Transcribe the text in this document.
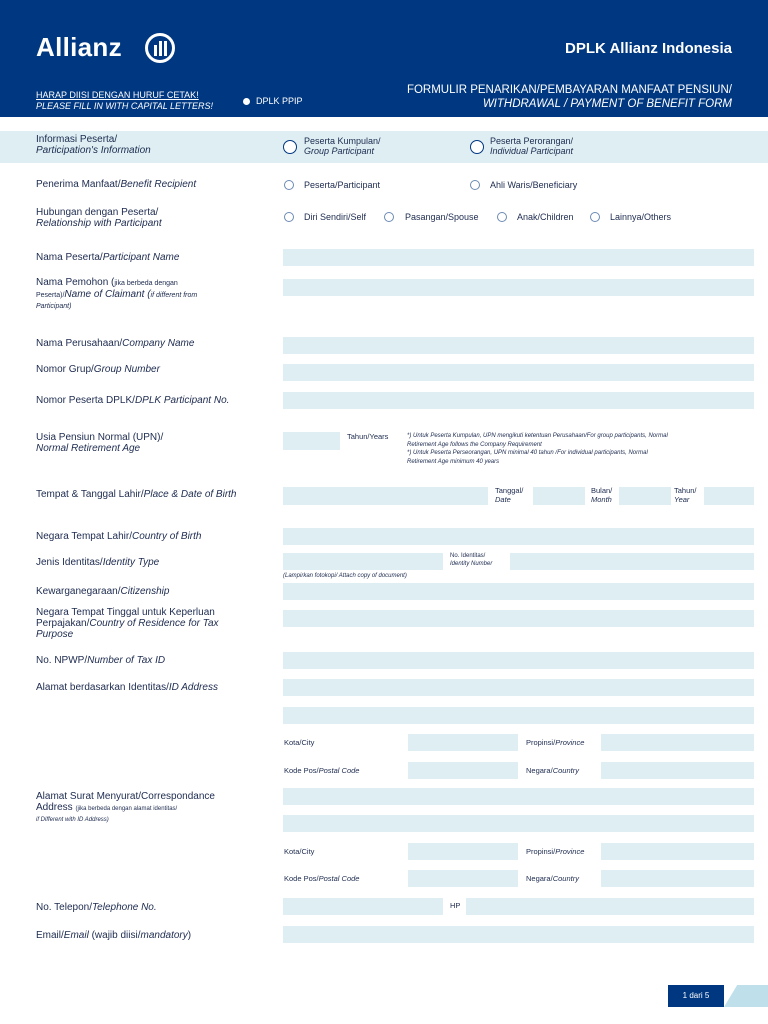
Allianz	DPLK Allianz Indonesia
HARAP DIISI DENGAN HURUF CETAK!
PLEASE FILL IN WITH CAPITAL LETTERS!	DPLK PPIP
FORMULIR PENARIKAN/PEMBAYARAN MANFAAT PENSIUN/
WITHDRAWAL / PAYMENT OF BENEFIT FORM
Informasi Peserta/
Participation's Information
Peserta Kumpulan/
Group Participant
Peserta Perorangan/
Individual Participant
Penerima Manfaat/Benefit Recipient	Peserta/Participant	Ahli Waris/Beneficiary
Hubungan dengan Peserta/
Relationship with Participant
Diri Sendiri/Self	Pasangan/Spouse	Anak/Children	Lainnya/Others
Nama Peserta/Participant Name
Nama Pemohon (jika berbeda dengan
Peserta)/Name of Claimant (if different from
Participant)
Nama Perusahaan/Company Name
Nomor Grup/Group Number
Nomor Peserta DPLK/DPLK Participant No.
Usia Pensiun Normal (UPN)/
Normal Retirement Age
Tahun/Years	*) Untuk Peserta Kumpulan, UPN mengikuti ketentuan Perusahaan/For group participants, Normal
Retirement Age follows the Company Requirement
*) Untuk Peserta Perseorangan, UPN minimal 40 tahun /For individual participants, Normal
Retirement Age minimum 40 years
Tempat & Tanggal Lahir/Place & Date of Birth	Tanggal/
Date
Bulan/
Month
Tahun/
Year
Negara Tempat Lahir/Country of Birth
Jenis Identitas/Identity Type
No. Identitas/
Identity Number
(Lampirkan fotokopi/ Attach copy of document)
Kewarganegaraan/Citizenship
Negara Tempat Tinggal untuk Keperluan
Perpajakan/Country of Residence for Tax
Purpose
No. NPWP/Number of Tax ID
Alamat berdasarkan Identitas/ID Address
Kota/City	Propinsi/Province
Kode Pos/Postal Code	Negara/Country
Alamat Surat Menyurat/Correspondance
Address (jika berbeda dengan alamat identitas/
if Different with ID Address)
Kota/City	Propinsi/Province
Kode Pos/Postal Code	Negara/Country
No. Telepon/Telephone No.	HP
Email/Email (wajib diisi/mandatory)
1 dari 5
